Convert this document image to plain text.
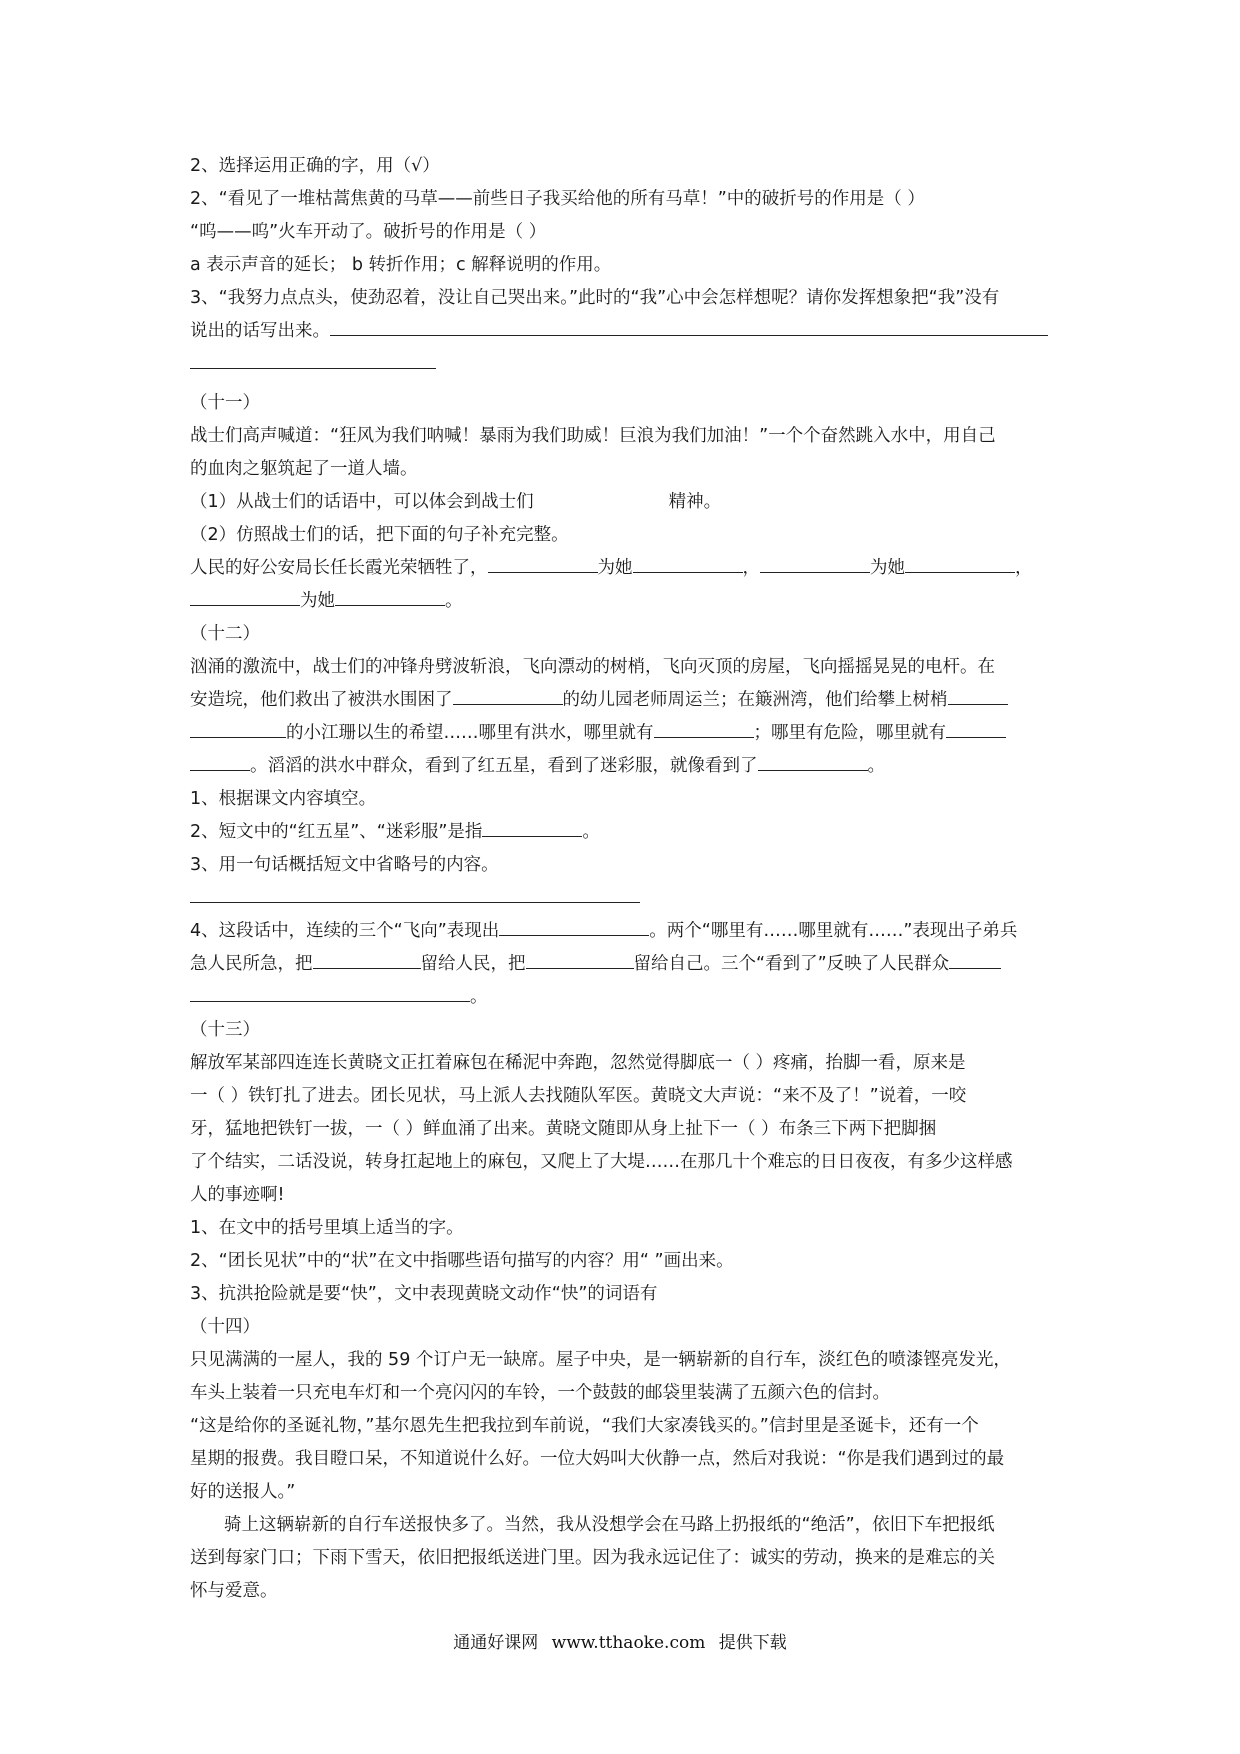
2、选择运用正确的字，用（√）
2、“看见了一堆枯蒿焦黄的马草——前些日子我买给他的所有马草！”中的破折号的作用是（ ）
“呜——呜”火车开动了。破折号的作用是（ ）
a 表示声音的延长； b 转折作用；c 解释说明的作用。
3、“我努力点点头，使劲忍着，没让自己哭出来。”此时的“我”心中会怎样想呢？请你发挥想象把“我”没有
说出的话写出来。
（十一）
战士们高声喊道：“狂风为我们呐喊！暴雨为我们助威！巨浪为我们加油！”一个个奋然跳入水中，用自己
的血肉之躯筑起了一道人墙。
（1）从战士们的话语中，可以体会到战士们	精神。
（2）仿照战士们的话，把下面的句子补充完整。
人民的好公安局长任长霞光荣牺牲了，	为她	，	为她	，
为她	。
（十二）
汹涌的激流中，战士们的冲锋舟劈波斩浪，飞向漂动的树梢，飞向灭顶的房屋，飞向摇摇晃晃的电杆。在
安造垸，他们救出了被洪水围困了	的幼儿园老师周运兰；在簸洲湾，他们给攀上树梢
的小江珊以生的希望……哪里有洪水，哪里就有	；哪里有危险，哪里就有
。滔滔的洪水中群众，看到了红五星，看到了迷彩服，就像看到了	。
1、根据课文内容填空。
2、短文中的“红五星”、“迷彩服”是指	。
3、用一句话概括短文中省略号的内容。
4、这段话中，连续的三个“飞向”表现出	。两个“哪里有……哪里就有……”表现出子弟兵
急人民所急，把	留给人民，把	留给自己。三个“看到了”反映了人民群众
。
（十三）
解放军某部四连连长黄晓文正扛着麻包在稀泥中奔跑，忽然觉得脚底一（ ）疼痛，抬脚一看，原来是
一（ ）铁钉扎了进去。团长见状，马上派人去找随队军医。黄晓文大声说：“来不及了！”说着，一咬
牙，猛地把铁钉一拔，一（ ）鲜血涌了出来。黄晓文随即从身上扯下一（ ）布条三下两下把脚捆
了个结实，二话没说，转身扛起地上的麻包，又爬上了大堤……在那几十个难忘的日日夜夜，有多少这样感
人的事迹啊!
1、在文中的括号里填上适当的字。
2、“团长见状”中的“状”在文中指哪些语句描写的内容？用“ ”画出来。
3、抗洪抢险就是要“快”，文中表现黄晓文动作“快”的词语有
（十四）
只见满满的一屋人，我的 59 个订户无一缺席。屋子中央，是一辆崭新的自行车，淡红色的喷漆铿亮发光，
车头上装着一只充电车灯和一个亮闪闪的车铃，一个鼓鼓的邮袋里装满了五颜六色的信封。
“这是给你的圣诞礼物，”基尔恩先生把我拉到车前说，“我们大家凑钱买的。”信封里是圣诞卡，还有一个
星期的报费。我目瞪口呆，不知道说什么好。一位大妈叫大伙静一点，然后对我说：“你是我们遇到过的最
好的送报人。”
骑上这辆崭新的自行车送报快多了。当然，我从没想学会在马路上扔报纸的“绝活”，依旧下车把报纸
送到每家门口；下雨下雪天，依旧把报纸送进门里。因为我永远记住了：诚实的劳动，换来的是难忘的关
怀与爱意。
通通好课网 www.tthaoke.com 提供下载
